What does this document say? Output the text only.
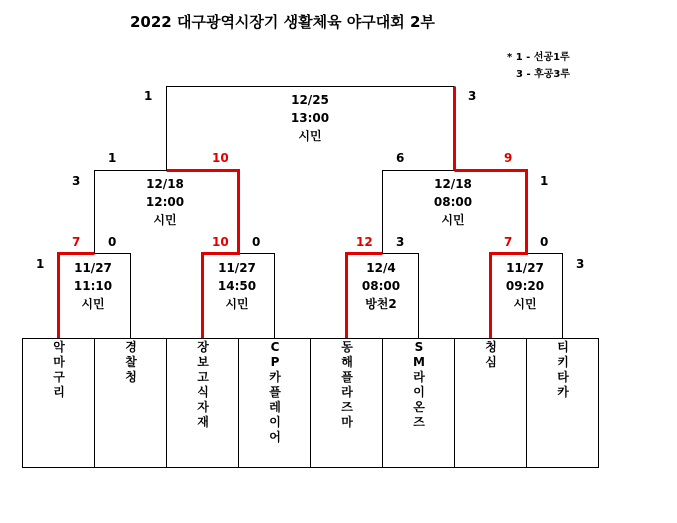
2022 대구광역시장기 생활체육 야구대회 2부
* 1 - 선공1루
3 - 후공3루
1	3
12/25
13:00
시민
3
1	10
12/18
12:00
시민
6	9
1
12/18
08:00
시민
1
7 0
11/27
11:10
시민
10 0
11/27
14:50
시민
12 3
12/4
08:00
방천2
7 0
3
11/27
09:20
시민
악
마
구
리
경
찰
청
장
보
고
식
자
재
C
P
카
플
레
이
어
동
해
플
라
즈
마
S
M
라
이
온
즈
청
심
티
키
타
카
